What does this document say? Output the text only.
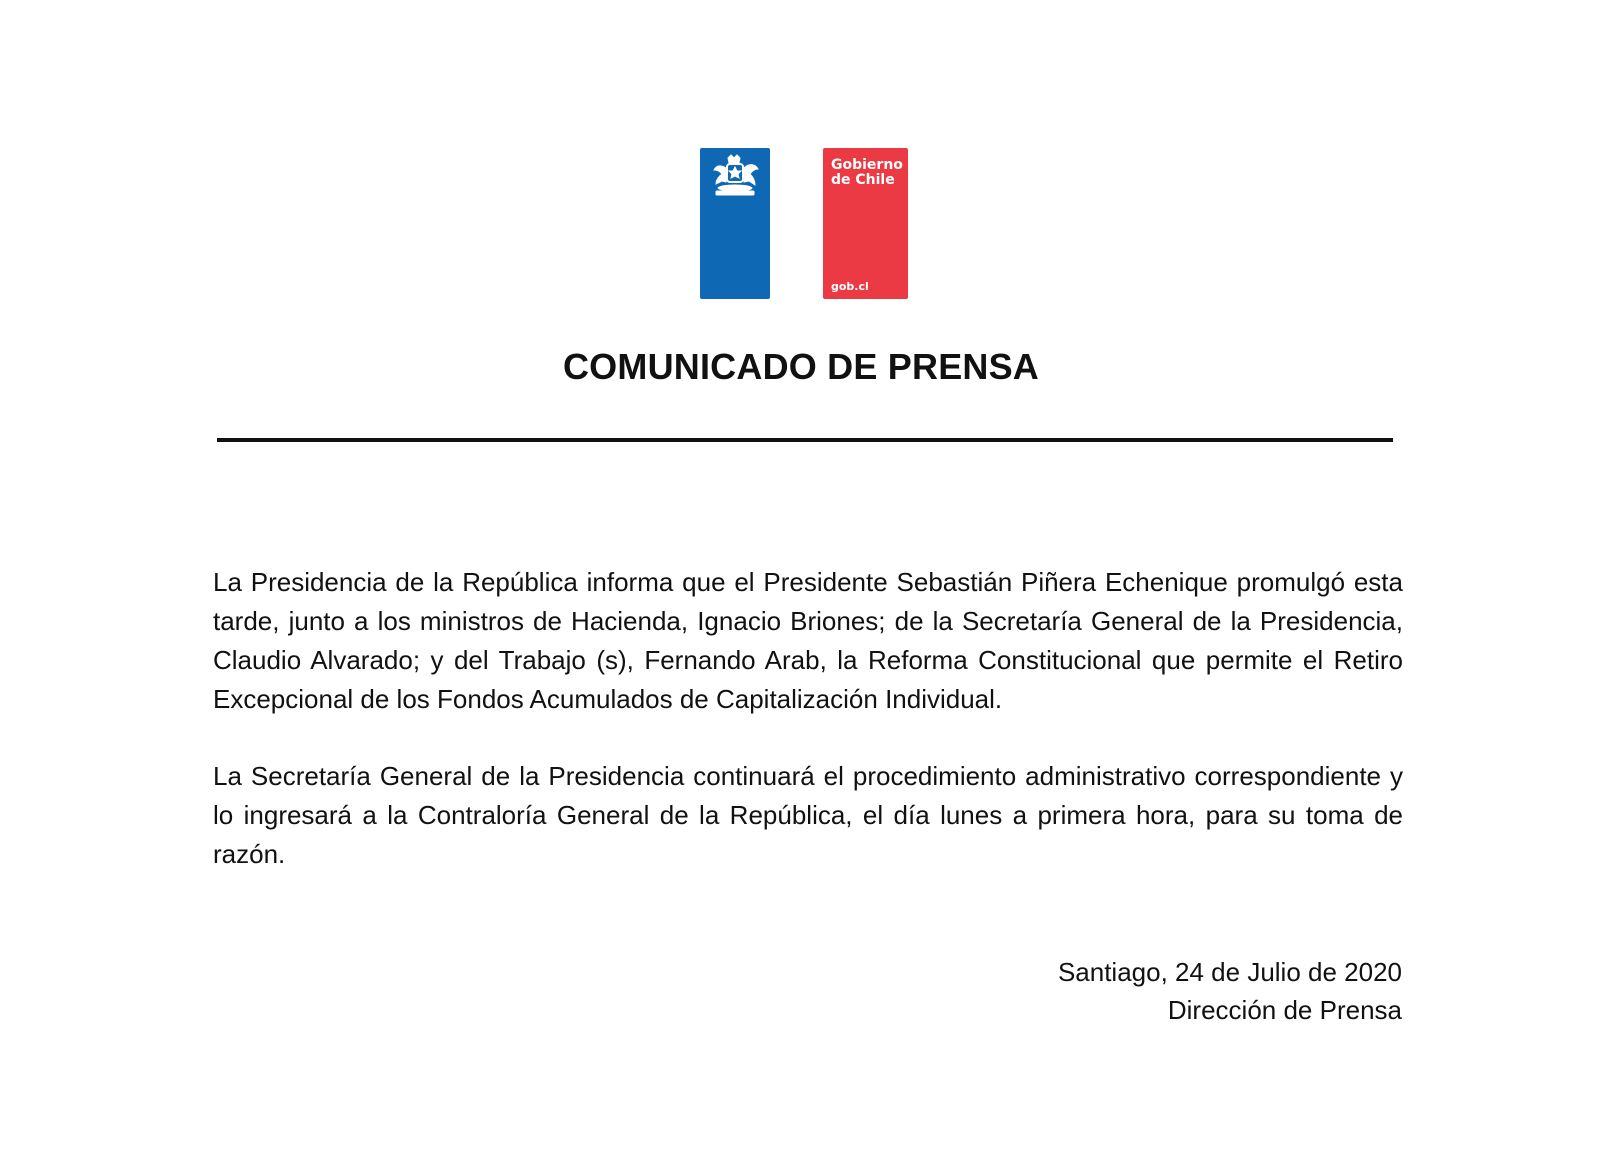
Gobierno
de Chile
gob.cl
COMUNICADO DE PRENSA

La Presidencia de la República informa que el Presidente Sebastián Piñera Echenique promulgó esta tarde, junto a los ministros de Hacienda, Ignacio Briones; de la Secretaría General de la Presidencia, Claudio Alvarado; y del Trabajo (s), Fernando Arab, la Reforma Constitucional que permite el Retiro Excepcional de los Fondos Acumulados de Capitalización Individual.

La Secretaría General de la Presidencia continuará el procedimiento administrativo correspondiente y lo ingresará a la Contraloría General de la República, el día lunes a primera hora, para su toma de razón.

Santiago, 24 de Julio de 2020
Dirección de Prensa
